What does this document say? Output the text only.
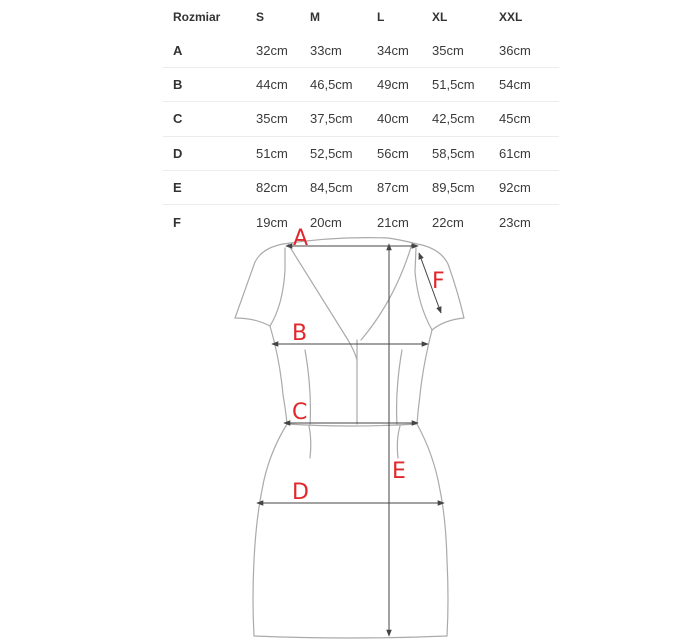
Rozmiar	S	M	L	XL	XXL
A	32cm	33cm	34cm	35cm	36cm
B	44cm	46,5cm	49cm	51,5cm	54cm
C	35cm	37,5cm	40cm	42,5cm	45cm
D	51cm	52,5cm	56cm	58,5cm	61cm
E	82cm	84,5cm	87cm	89,5cm	92cm
F	19cm	20cm	21cm	22cm	23cm
A
F
B
C
E
D
